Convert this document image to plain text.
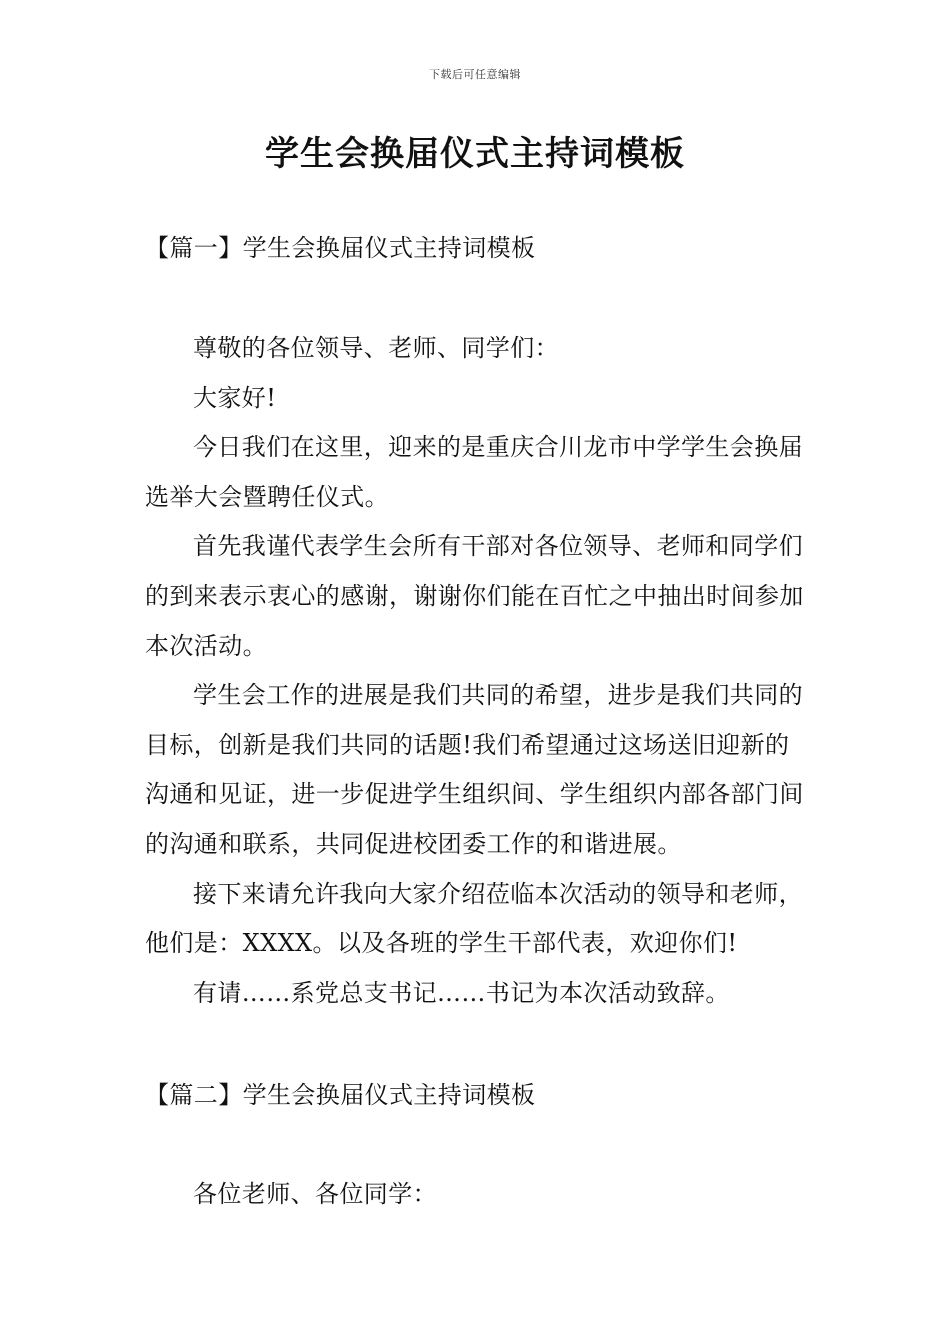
下载后可任意编辑
学生会换届仪式主持词模板
【篇一】学生会换届仪式主持词模板

尊敬的各位领导、老师、同学们：

大家好!

今日我们在这里，迎来的是重庆合川龙市中学学生会换届选举大会暨聘任仪式。

首先我谨代表学生会所有干部对各位领导、老师和同学们的到来表示衷心的感谢，谢谢你们能在百忙之中抽出时间参加本次活动。

学生会工作的进展是我们共同的希望，进步是我们共同的目标，创新是我们共同的话题!我们希望通过这场送旧迎新的沟通和见证，进一步促进学生组织间、学生组织内部各部门间的沟通和联系，共同促进校团委工作的和谐进展。

接下来请允许我向大家介绍莅临本次活动的领导和老师，他们是：XXXX。以及各班的学生干部代表，欢迎你们!

有请……系党总支书记……书记为本次活动致辞。

【篇二】学生会换届仪式主持词模板

各位老师、各位同学：
